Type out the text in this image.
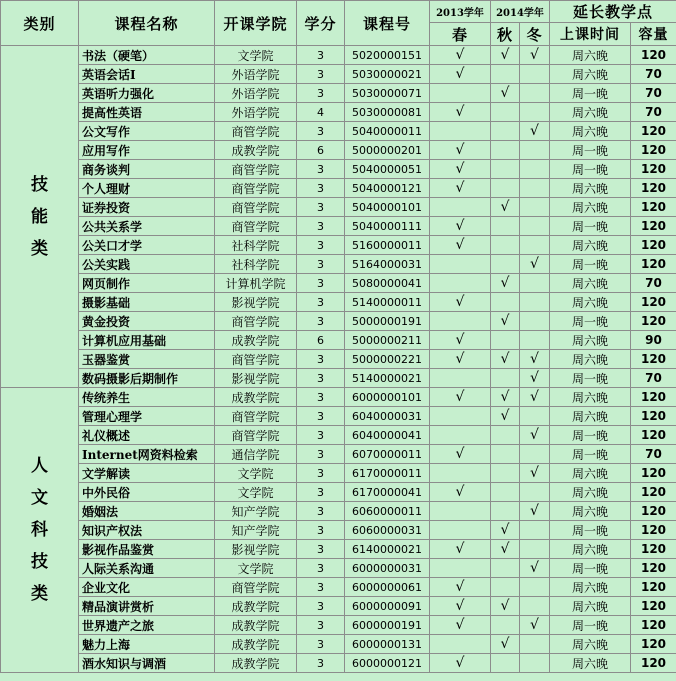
类别	课程名称	开课学院	学分	课程号	2013学年	2014学年		延长教学点	
					春	秋	冬	上课时间	容量
技能类	书法（硬笔）	文学院	3	5020000151	√	√	√	周六晚	120
	英语会话Ⅰ	外语学院	3	5030000021	√			周六晚	70
	英语听力强化	外语学院	3	5030000071		√		周一晚	70
	提高性英语	外语学院	4	5030000081	√			周六晚	70
	公文写作	商管学院	3	5040000011			√	周六晚	120
	应用写作	成教学院	6	5000000201	√			周一晚	120
	商务谈判	商管学院	3	5040000051	√			周一晚	120
	个人理财	商管学院	3	5040000121	√			周六晚	120
	证券投资	商管学院	3	5040000101		√		周六晚	120
	公共关系学	商管学院	3	5040000111	√			周一晚	120
	公关口才学	社科学院	3	5160000011	√			周六晚	120
	公关实践	社科学院	3	5164000031			√	周一晚	120
	网页制作	计算机学院	3	5080000041		√		周六晚	70
	摄影基础	影视学院	3	5140000011	√			周六晚	120
	黄金投资	商管学院	3	5000000191		√		周一晚	120
	计算机应用基础	成教学院	6	5000000211	√			周六晚	90
	玉器鉴赏	商管学院	3	5000000221	√	√	√	周六晚	120
	数码摄影后期制作	影视学院	3	5140000021			√	周一晚	70
人文科技类	传统养生	成教学院	3	6000000101	√	√	√	周六晚	120
	管理心理学	商管学院	3	6040000031		√		周六晚	120
	礼仪概述	商管学院	3	6040000041			√	周一晚	120
	Internet网资料检索	通信学院	3	6070000011	√			周一晚	70
	文学解读	文学院	3	6170000011			√	周六晚	120
	中外民俗	文学院	3	6170000041	√			周六晚	120
	婚姻法	知产学院	3	6060000011			√	周六晚	120
	知识产权法	知产学院	3	6060000031		√		周一晚	120
	影视作品鉴赏	影视学院	3	6140000021	√	√		周六晚	120
	人际关系沟通	文学院	3	6000000031			√	周一晚	120
	企业文化	商管学院	3	6000000061	√			周六晚	120
	精品演讲赏析	成教学院	3	6000000091	√	√		周六晚	120
	世界遗产之旅	成教学院	3	6000000191	√		√	周一晚	120
	魅力上海	成教学院	3	6000000131		√		周六晚	120
	酒水知识与调酒	成教学院	3	6000000121	√			周六晚	120
